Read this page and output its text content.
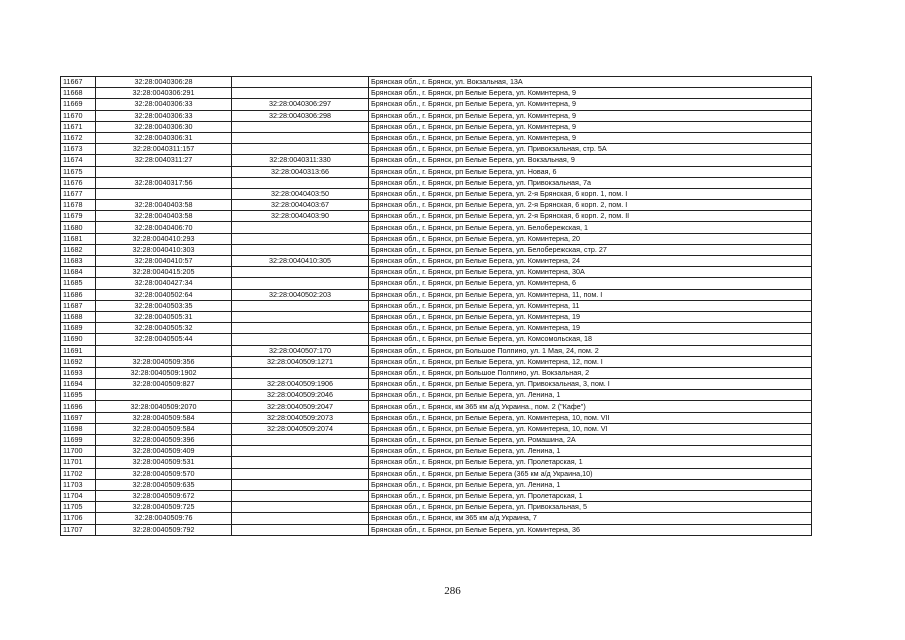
11667	32:28:0040306:28		Брянская обл., г. Брянск, ул. Вокзальная, 13А
11668	32:28:0040306:291		Брянская обл., г. Брянск, рп Белые Берега, ул. Коминтерна, 9
11669	32:28:0040306:33	32:28:0040306:297	Брянская обл., г. Брянск, рп Белые Берега, ул. Коминтерна, 9
11670	32:28:0040306:33	32:28:0040306:298	Брянская обл., г. Брянск, рп Белые Берега, ул. Коминтерна, 9
11671	32:28:0040306:30		Брянская обл., г. Брянск, рп Белые Берега, ул. Коминтерна, 9
11672	32:28:0040306:31		Брянская обл., г. Брянск, рп Белые Берега, ул. Коминтерна, 9
11673	32:28:0040311:157		Брянская обл., г. Брянск, рп Белые Берега, ул. Привокзальная, стр. 5А
11674	32:28:0040311:27	32:28:0040311:330	Брянская обл., г. Брянск, рп Белые Берега, ул. Вокзальная, 9
11675		32:28:0040313:66	Брянская обл., г. Брянск, рп Белые Берега, ул. Новая, 6
11676	32:28:0040317:56		Брянская обл., г. Брянск, рп Белые Берега, ул. Привокзальная, 7а
11677		32:28:0040403:50	Брянская обл., г. Брянск, рп Белые Берега, ул. 2-я Брянская, 6 корп. 1, пом. I
11678	32:28:0040403:58	32:28:0040403:67	Брянская обл., г. Брянск, рп Белые Берега, ул. 2-я Брянская, 6 корп. 2, пом. I
11679	32:28:0040403:58	32:28:0040403:90	Брянская обл., г. Брянск, рп Белые Берега, ул. 2-я Брянская, 6 корп. 2, пом. II
11680	32:28:0040406:70		Брянская обл., г. Брянск, рп Белые Берега, ул. Белобережская, 1
11681	32:28:0040410:293		Брянская обл., г. Брянск, рп Белые Берега, ул. Коминтерна, 20
11682	32:28:0040410:303		Брянская обл., г. Брянск, рп Белые Берега, ул. Белобережская, стр. 27
11683	32:28:0040410:57	32:28:0040410:305	Брянская обл., г. Брянск, рп Белые Берега, ул. Коминтерна, 24
11684	32:28:0040415:205		Брянская обл., г. Брянск, рп Белые Берега, ул. Коминтерна, 30А
11685	32:28:0040427:34		Брянская обл., г. Брянск, рп Белые Берега, ул. Коминтерна, 6
11686	32:28:0040502:64	32:28:0040502:203	Брянская обл., г. Брянск, рп Белые Берега, ул. Коминтерна, 11, пом. I
11687	32:28:0040503:35		Брянская обл., г. Брянск, рп Белые Берега, ул. Коминтерна, 11
11688	32:28:0040505:31		Брянская обл., г. Брянск, рп Белые Берега, ул. Коминтерна, 19
11689	32:28:0040505:32		Брянская обл., г. Брянск, рп Белые Берега, ул. Коминтерна, 19
11690	32:28:0040505:44		Брянская обл., г. Брянск, рп Белые Берега, ул. Комсомольская, 18
11691		32:28:0040507:170	Брянская обл., г. Брянск, рп Большое Полпино, ул. 1 Мая, 24, пом. 2
11692	32:28:0040509:356	32:28:0040509:1271	Брянская обл., г. Брянск, рп Белые Берега, ул. Коминтерна, 12, пом. I
11693	32:28:0040509:1902		Брянская обл., г. Брянск, рп Большое Полпино, ул. Вокзальная, 2
11694	32:28:0040509:827	32:28:0040509:1906	Брянская обл., г. Брянск, рп Белые Берега, ул. Привокзальная, 3, пом. I
11695		32:28:0040509:2046	Брянская обл., г. Брянск, рп Белые Берега, ул. Ленина, 1
11696	32:28:0040509:2070	32:28:0040509:2047	Брянская обл., г. Брянск, км 365 км а/д Украина., пом. 2 ("Кафе")
11697	32:28:0040509:584	32:28:0040509:2073	Брянская обл., г. Брянск, рп Белые Берега, ул. Коминтерна, 10, пом. VII
11698	32:28:0040509:584	32:28:0040509:2074	Брянская обл., г. Брянск, рп Белые Берега, ул. Коминтерна, 10, пом. VI
11699	32:28:0040509:396		Брянская обл., г. Брянск, рп Белые Берега, ул. Ромашина, 2А
11700	32:28:0040509:409		Брянская обл., г. Брянск, рп Белые Берега, ул. Ленина, 1
11701	32:28:0040509:531		Брянская обл., г. Брянск, рп Белые Берега, ул. Пролетарская, 1
11702	32:28:0040509:570		Брянская обл., г. Брянск, рп Белые Берега (365 км а/д Украина,10)
11703	32:28:0040509:635		Брянская обл., г. Брянск, рп Белые Берега, ул. Ленина, 1
11704	32:28:0040509:672		Брянская обл., г. Брянск, рп Белые Берега, ул. Пролетарская, 1
11705	32:28:0040509:725		Брянская обл., г. Брянск, рп Белые Берега, ул. Привокзальная, 5
11706	32:28:0040509:76		Брянская обл., г. Брянск, км 365 км а/д Украина, 7
11707	32:28:0040509:792		Брянская обл., г. Брянск, рп Белые Берега, ул. Коминтерна, 36
286
